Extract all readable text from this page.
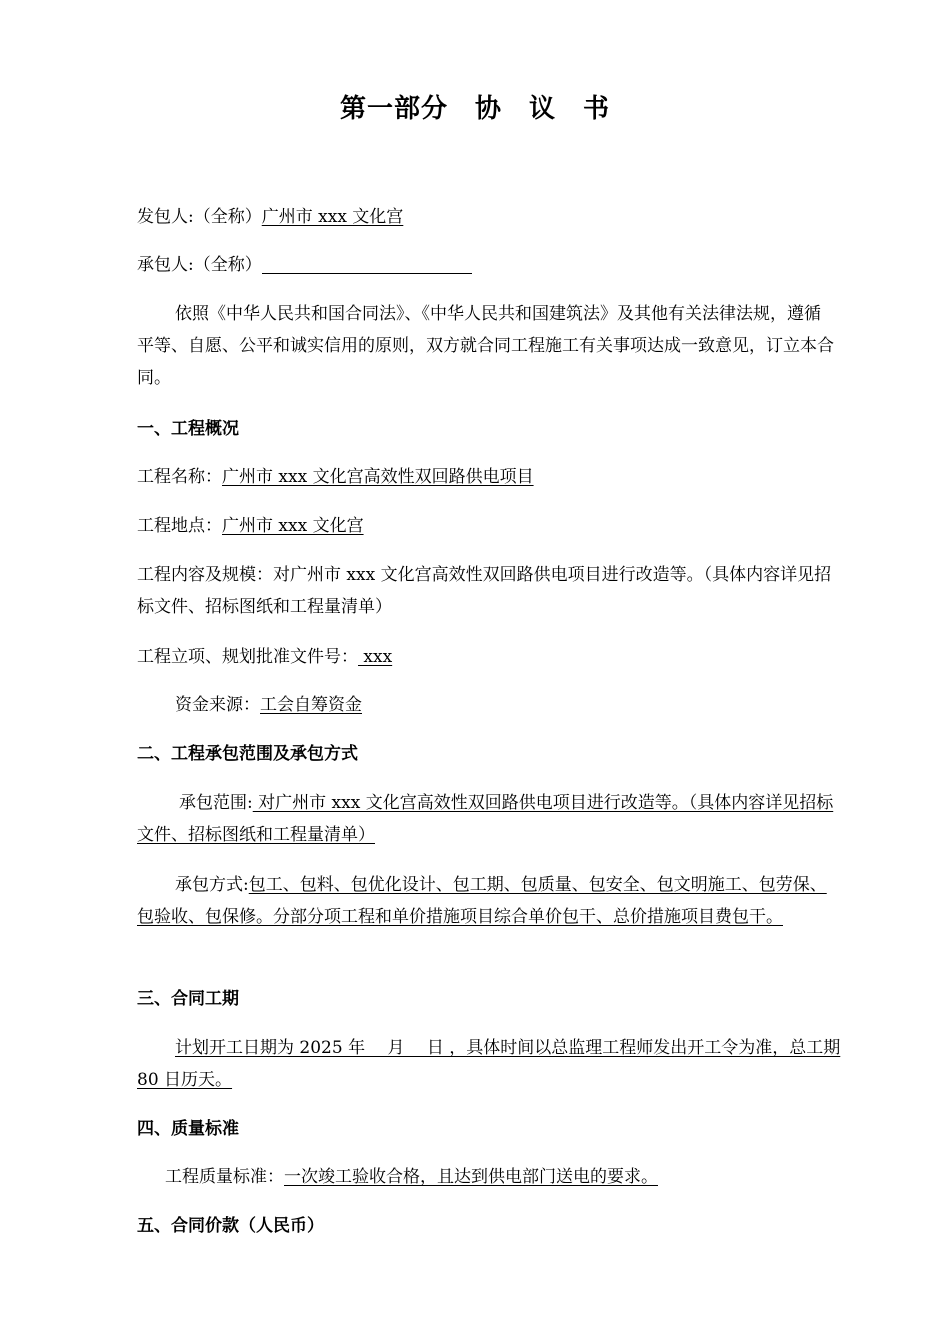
第一部分　协　议　书
发包人:（全称）广州市 xxx 文化宫
承包人:（全称）
依照《中华人民共和国合同法》、《中华人民共和国建筑法》及其他有关法律法规，遵循平等、自愿、公平和诚实信用的原则，双方就合同工程施工有关事项达成一致意见，订立本合同。
一、工程概况
工程名称：广州市 xxx 文化宫高效性双回路供电项目
工程地点：广州市 xxx 文化宫
工程内容及规模：对广州市 xxx 文化宫高效性双回路供电项目进行改造等。（具体内容详见招标文件、招标图纸和工程量清单）
工程立项、规划批准文件号： xxx
资金来源：工会自筹资金
二、工程承包范围及承包方式
承包范围: 对广州市 xxx 文化宫高效性双回路供电项目进行改造等。（具体内容详见招标文件、招标图纸和工程量清单）
承包方式:包工、包料、包优化设计、包工期、包质量、包安全、包文明施工、包劳保、包验收、包保修。分部分项工程和单价措施项目综合单价包干、总价措施项目费包干。
三、合同工期
计划开工日期为 2025 年　 月　 日 ，具体时间以总监理工程师发出开工令为准，总工期 80 日历天。
四、质量标准
工程质量标准：一次竣工验收合格，且达到供电部门送电的要求。
五、合同价款（人民币）
